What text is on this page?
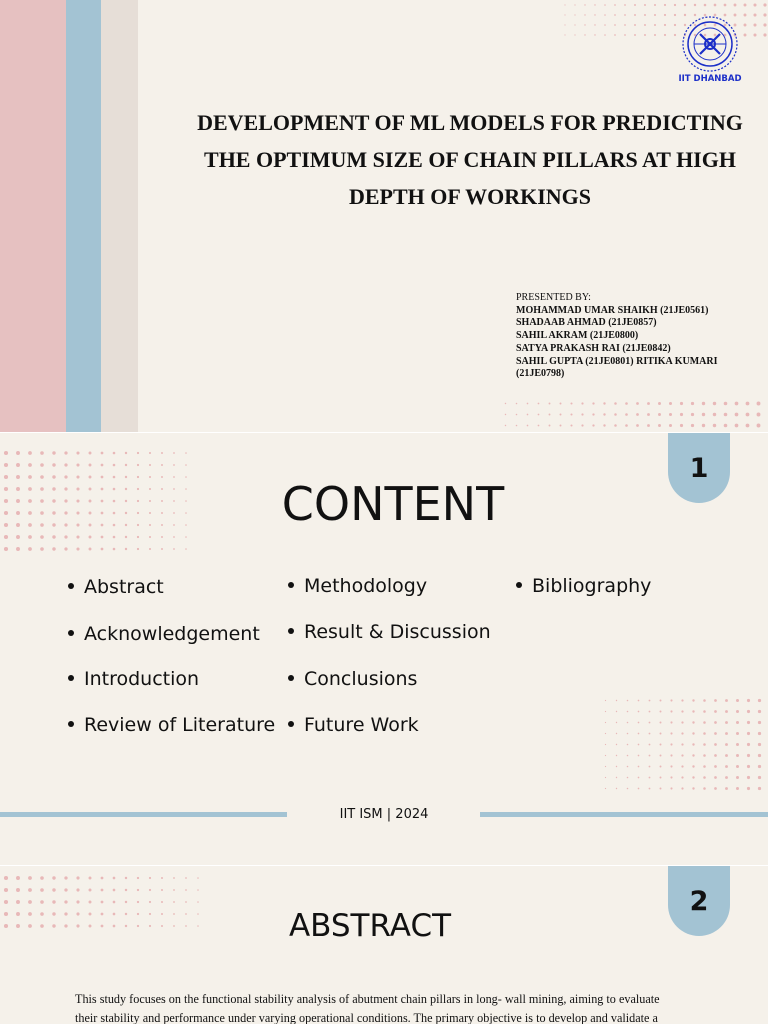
IIT DHANBAD
DEVELOPMENT OF ML MODELS FOR PREDICTING
THE OPTIMUM SIZE OF CHAIN PILLARS AT HIGH
DEPTH OF WORKINGS
PRESENTED BY:
MOHAMMAD UMAR SHAIKH (21JE0561)
SHADAAB AHMAD (21JE0857)
SAHIL AKRAM (21JE0800)
SATYA PRAKASH RAI (21JE0842)
SAHIL GUPTA (21JE0801) RITIKA KUMARI
(21JE0798)
1
CONTENT
Abstract
Acknowledgement
Introduction
Review of Literature
Methodology
Result & Discussion
Conclusions
Future Work
Bibliography
IIT ISM | 2024
2
ABSTRACT
This study focuses on the functional stability analysis of abutment chain pillars in long- wall mining, aiming to evaluate
their stability and performance under varying operational conditions. The primary objective is to develop and validate a
